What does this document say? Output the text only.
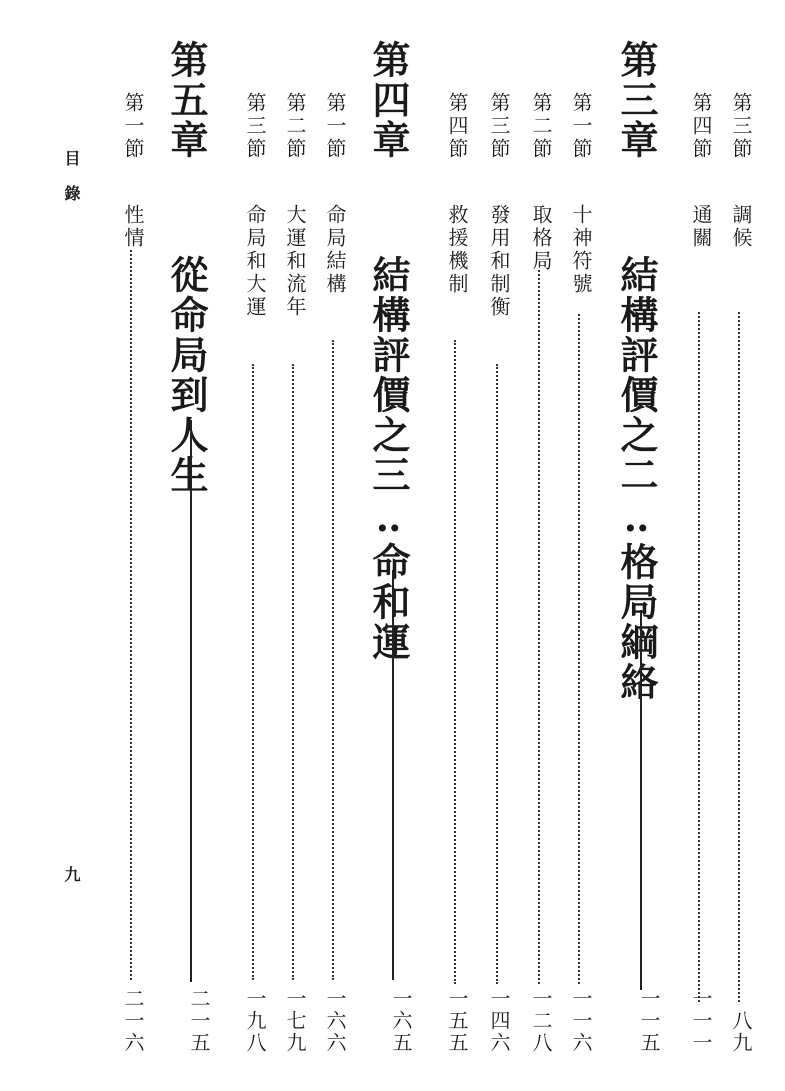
目 錄
九
第三節 調候
八九
第四節 通關
一一一
第三章 結構評價之二‥格局綱絡
一一五
第一節 十神符號
一一六
第二節 取格局
一二八
第三節 發用和制衡
一四六
第四節 救援機制
一五五
第四章 結構評價之三‥命和運
一六五
第一節 命局結構
一六六
第二節 大運和流年
一七九
第三節 命局和大運
一九八
第五章 從命局到人生
二一五
第一節 性情
二一六
